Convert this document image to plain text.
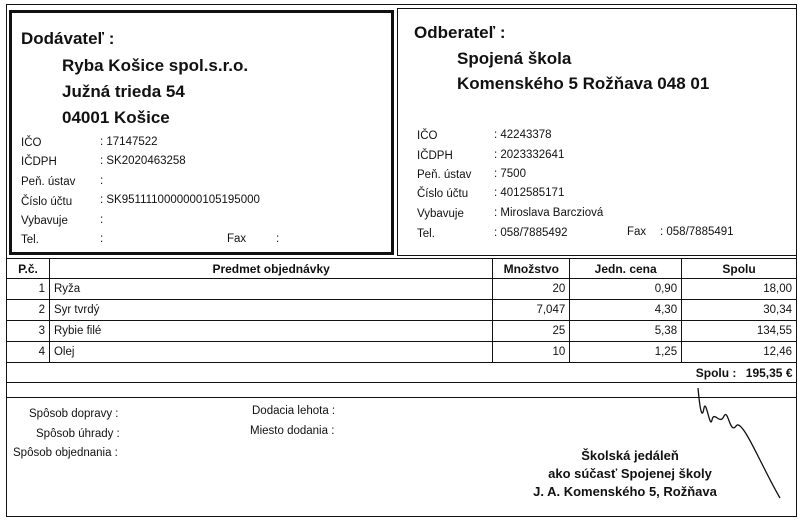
Dodávateľ :
Ryba Košice spol.s.r.o.
Južná trieda 54
04001 Košice
IČO	: 17147522
IČDPH	: SK2020463258
Peň. ústav :
Číslo účtu : SK9511110000000105195000
Vybavuje	:
Tel.	:	Fax	:
Odberateľ :
Spojená škola
Komenského 5 Rožňava 048 01
IČO	: 42243378
IČDPH	: 2023332641
Peň. ústav : 7500
Číslo účtu : 4012585171
Vybavuje	: Miroslava Barcziová
Tel.	: 058/7885492	Fax : 058/7885491
P.č.	Predmet objednávky	Množstvo	Jedn. cena	Spolu
1	Ryža	20	0,90	18,00
2	Syr tvrdý	7,047	4,30	30,34
3	Rybie filé	25	5,38	134,55
4	Olej	10	1,25	12,46
Spolu : 195,35 €				
Spôsob dopravy :
Spôsob úhrady :
Spôsob objednania :
Dodacia lehota :
Miesto dodania :
Školská jedáleň
ako súčasť Spojenej školy
J. A. Komenského 5, Rožňava
